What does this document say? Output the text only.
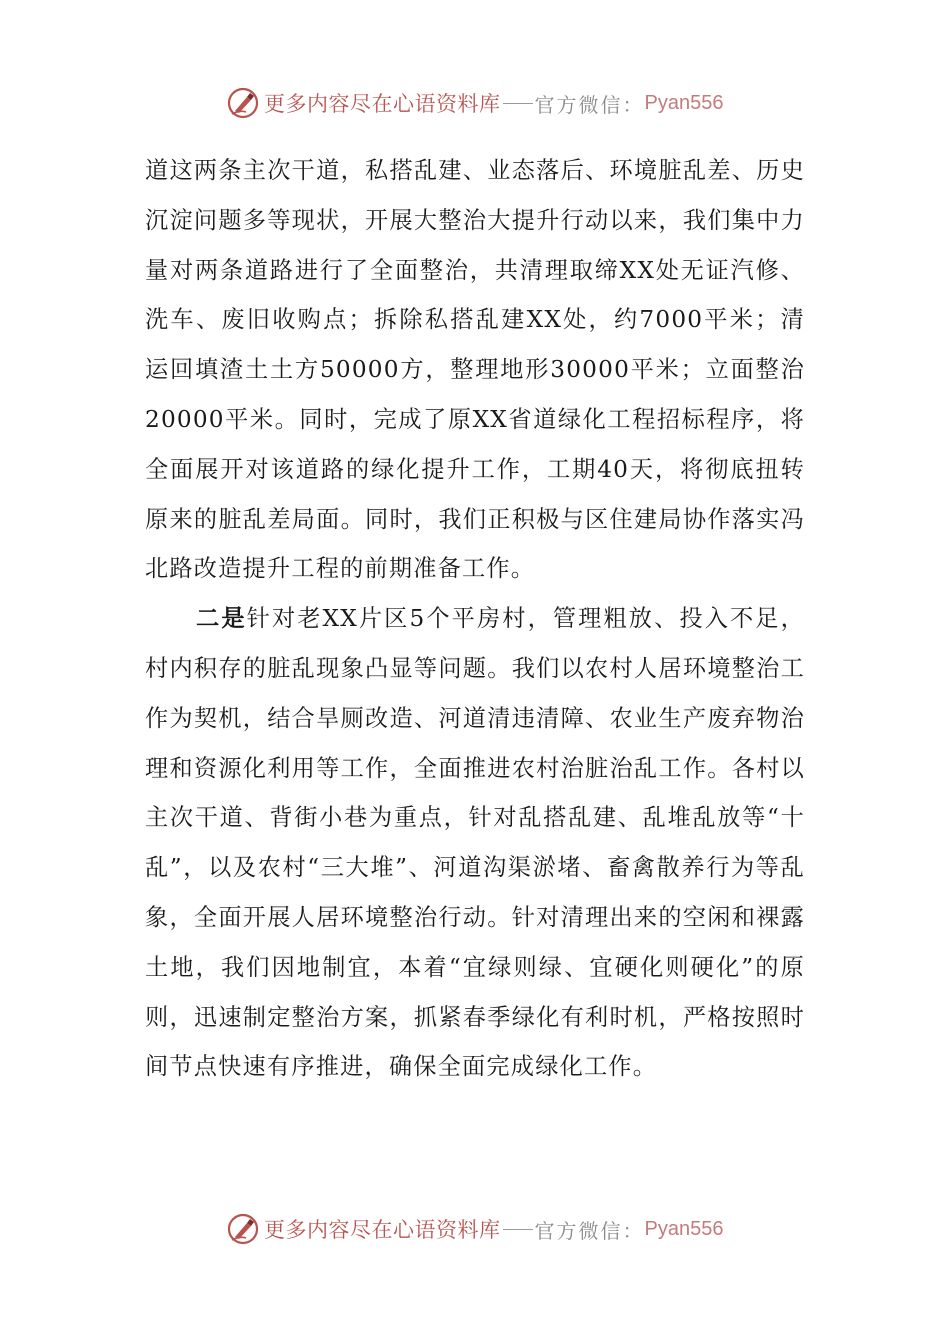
更多内容尽在心语资料库 官方微信： Pyan556

道这两条主次干道，私搭乱建、业态落后、环境脏乱差、历史沉淀问题多等现状，开展大整治大提升行动以来，我们集中力量对两条道路进行了全面整治，共清理取缔XX处无证汽修、洗车、废旧收购点；拆除私搭乱建XX处，约7000平米；清运回填渣土土方50000方，整理地形30000平米；立面整治20000平米。同时，完成了原XX省道绿化工程招标程序，将全面展开对该道路的绿化提升工作，工期40天，将彻底扭转原来的脏乱差局面。同时，我们正积极与区住建局协作落实冯北路改造提升工程的前期准备工作。

二是针对老XX片区5个平房村，管理粗放、投入不足，村内积存的脏乱现象凸显等问题。我们以农村人居环境整治工作为契机，结合旱厕改造、河道清违清障、农业生产废弃物治理和资源化利用等工作，全面推进农村治脏治乱工作。各村以主次干道、背街小巷为重点，针对乱搭乱建、乱堆乱放等“十乱”，以及农村“三大堆”、河道沟渠淤堵、畜禽散养行为等乱象，全面开展人居环境整治行动。针对清理出来的空闲和裸露土地，我们因地制宜，本着“宜绿则绿、宜硬化则硬化”的原则，迅速制定整治方案，抓紧春季绿化有利时机，严格按照时间节点快速有序推进，确保全面完成绿化工作。

更多内容尽在心语资料库 官方微信： Pyan556
